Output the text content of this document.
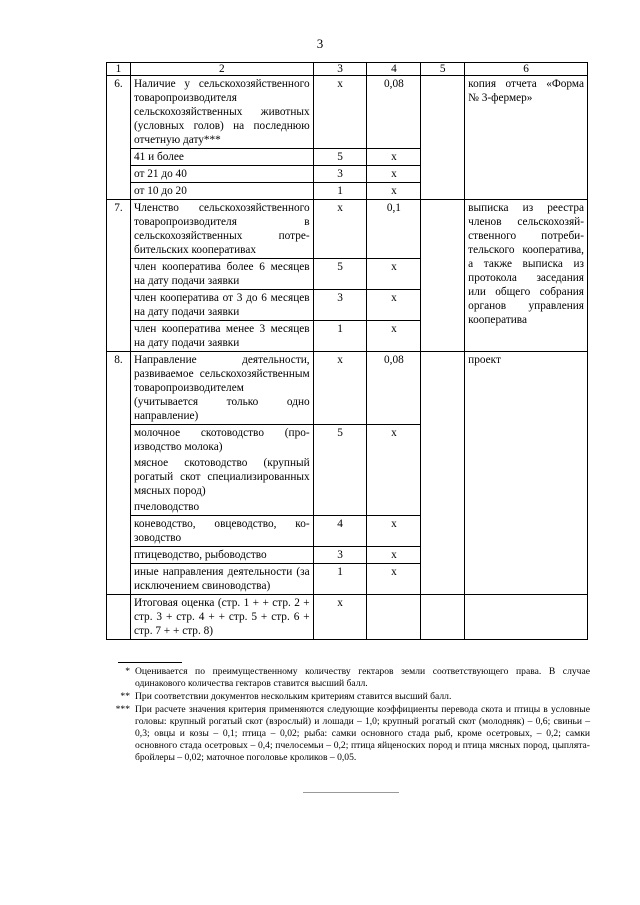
3
1	2	3	4	5	6
6.	Наличие у сельскохозяйственного товаропроизводителя сельскохозяйственных животных (условных голов) на последнюю отчетную дату***	х	0,08		копия отчета «Форма № 3-фермер»
	41 и более	5	х		
	от 21 до 40	3	х		
	от 10 до 20	1	х		
7.	Членство сельскохозяйственного товаропроизводителя в сельскохозяйственных потребительских кооперативах	х	0,1		выписка из реестра членов сельскохозяйственного потребительского кооператива, а также выписка из протокола заседания или общего собрания органов управления кооператива
	член кооператива более 6 месяцев на дату подачи заявки	5	х		
	член кооператива от 3 до 6 месяцев на дату подачи заявки	3	х		
	член кооператива менее 3 месяцев на дату подачи заявки	1	х		
8.	Направление деятельности, развиваемое сельскохозяйственным товаропроизводителем (учитывается только одно направление)	х	0,08		проект
	молочное скотоводство (производство молока)	5	х		
	мясное скотоводство (крупный рогатый скот специализированных мясных пород)				
	пчеловодство				
	коневодство, овцеводство, козоводство	4	х		
	птицеводство, рыбоводство	3	х		
	иные направления деятельности (за исключением свиноводства)	1	х		
	Итоговая оценка (стр. 1 + + стр. 2 + стр. 3 + стр. 4 + + стр. 5 + стр. 6 + стр. 7 + + стр. 8)	х			
* Оценивается по преимущественному количеству гектаров земли соответствующего права. В случае одинакового количества гектаров ставится высший балл.
** При соответствии документов нескольким критериям ставится высший балл.
*** При расчете значения критерия применяются следующие коэффициенты перевода скота и птицы в условные головы: крупный рогатый скот (взрослый) и лошади – 1,0; крупный рогатый скот (молодняк) – 0,6; свиньи – 0,3; овцы и козы – 0,1; птица – 0,02; рыба: самки основного стада рыб, кроме осетровых, – 0,2; самки основного стада осетровых – 0,4; пчелосемьи – 0,2; птица яйценоских пород и птица мясных пород, цыплята-бройлеры – 0,02; маточное поголовье кроликов – 0,05.
